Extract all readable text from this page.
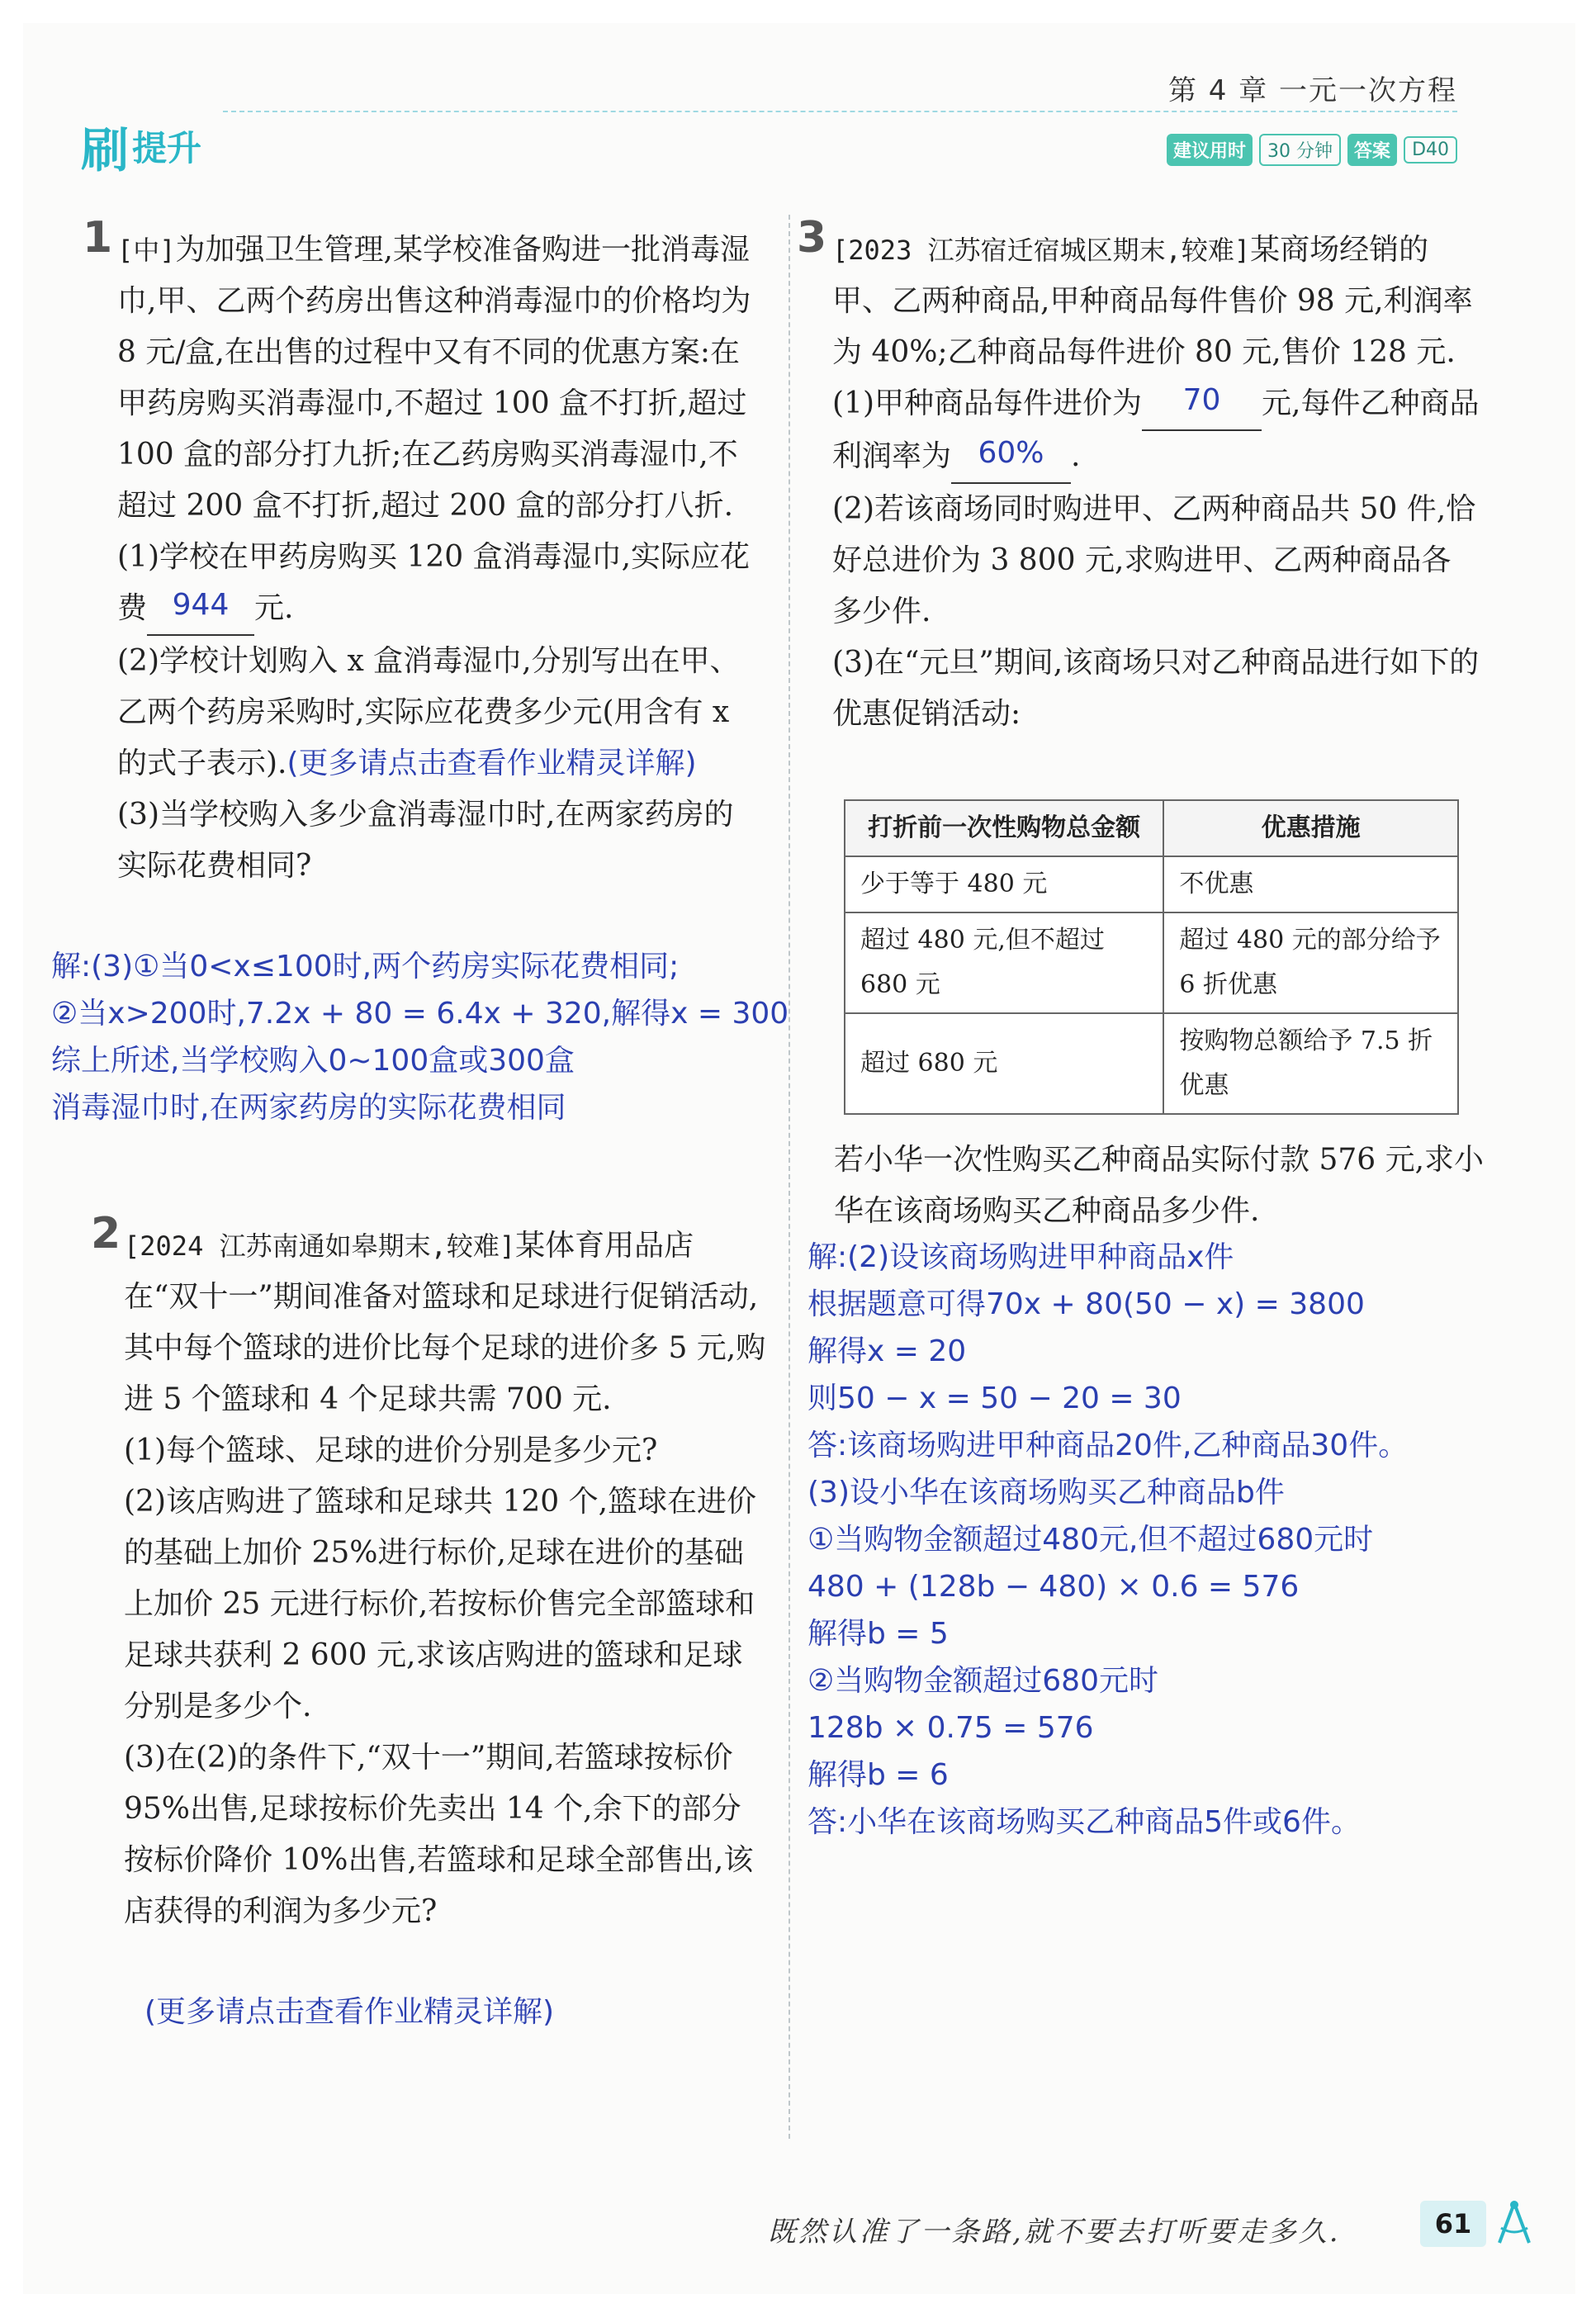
第 4 章 一元一次方程
刷 提升	建议用时	30 分钟	答案	D40
1 [中]为加强卫生管理,某学校准备购进一批消毒湿巾,甲、乙两个药房出售这种消毒湿巾的价格均为 8 元/盒,在出售的过程中又有不同的优惠方案:在甲药房购买消毒湿巾,不超过 100 盒不打折,超过 100 盒的部分打九折;在乙药房购买消毒湿巾,不超过 200 盒不打折,超过 200 盒的部分打八折.
(1)学校在甲药房购买 120 盒消毒湿巾,实际应花费 944 元.
(2)学校计划购入 x 盒消毒湿巾,分别写出在甲、乙两个药房采购时,实际应花费多少元(用含有 x 的式子表示).(更多请点击查看作业精灵详解)
(3)当学校购入多少盒消毒湿巾时,在两家药房的实际花费相同?
解:(3)①当0<x≤100时,两个药房实际花费相同;
②当x>200时,7.2x + 80 = 6.4x + 320,解得x = 300
综上所述,当学校购入0~100盒或300盒
消毒湿巾时,在两家药房的实际花费相同
2 [2024 江苏南通如皋期末,较难]某体育用品店在“双十一”期间准备对篮球和足球进行促销活动,其中每个篮球的进价比每个足球的进价多 5 元,购进 5 个篮球和 4 个足球共需 700 元.
(1)每个篮球、足球的进价分别是多少元?
(2)该店购进了篮球和足球共 120 个,篮球在进价的基础上加价 25%进行标价,足球在进价的基础上加价 25 元进行标价,若按标价售完全部篮球和足球共获利 2 600 元,求该店购进的篮球和足球分别是多少个.
(3)在(2)的条件下,“双十一”期间,若篮球按标价 95%出售,足球按标价先卖出 14 个,余下的部分按标价降价 10%出售,若篮球和足球全部售出,该店获得的利润为多少元?
(更多请点击查看作业精灵详解)
3 [2023 江苏宿迁宿城区期末,较难]某商场经销的甲、乙两种商品,甲种商品每件售价 98 元,利润率为 40%;乙种商品每件进价 80 元,售价 128 元.
(1)甲种商品每件进价为	70	元,每件乙种商品利润率为 60% .
(2)若该商场同时购进甲、乙两种商品共 50 件,恰好总进价为 3 800 元,求购进甲、乙两种商品各多少件.
(3)在“元旦”期间,该商场只对乙种商品进行如下的优惠促销活动:
打折前一次性购物总金额	优惠措施
少于等于 480 元	不优惠
超过 480 元,但不超过 680 元	超过 480 元的部分给予 6 折优惠
超过 680 元	按购物总额给予 7.5 折优惠
若小华一次性购买乙种商品实际付款 576 元,求小华在该商场购买乙种商品多少件.
解:(2)设该商场购进甲种商品x件
根据题意可得70x + 80(50 − x) = 3800
解得x = 20
则50 − x = 50 − 20 = 30
答:该商场购进甲种商品20件,乙种商品30件。
(3)设小华在该商场购买乙种商品b件
①当购物金额超过480元,但不超过680元时
480 + (128b − 480) × 0.6 = 576
解得b = 5
②当购物金额超过680元时
128b × 0.75 = 576
解得b = 6
答:小华在该商场购买乙种商品5件或6件。
既然认准了一条路,就不要去打听要走多久.	61
